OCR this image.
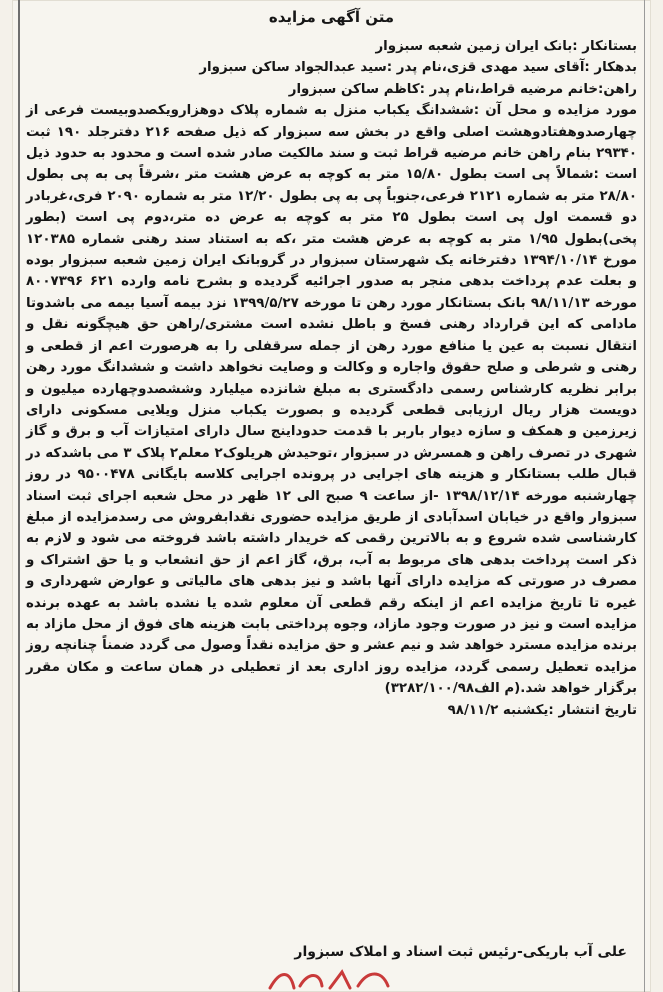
متن آگهی مزایده

بستانکار :بانک ایران زمین شعبه سبزوار

بدهکار :آقای سید مهدی قزی،نام پدر :سید عبدالجواد ساکن سبزوار

راهن:خانم مرضیه قراط،نام پدر :کاظم ساکن سبزوار

مورد مزایده و محل آن :ششدانگ یکباب منزل به شماره پلاک دوهزارویکصدوبیست فرعی از چهارصدوهفتادوهشت اصلی واقع در بخش سه سبزوار که ذیل صفحه ۲۱۶ دفترجلد ۱۹۰ ثبت ۲۹۳۴۰ بنام راهن خانم مرضیه قراط ثبت و سند مالکیت صادر شده است و محدود به حدود ذیل است :شمالاً پی است بطول ۱۵/۸۰ متر به کوچه به عرض هشت متر ،شرقاً پی به پی بطول ۲۸/۸۰ متر به شماره ۲۱۲۱ فرعی،جنوباً پی به پی بطول ۱۲/۲۰ متر به شماره ۲۰۹۰ فری،غربادر دو قسمت اول پی است بطول ۲۵ متر به کوچه به عرض ده متر،دوم پی است (بطور پخی)بطول ۱/۹۵ متر به کوچه به عرض هشت متر ،که به استناد سند رهنی شماره ۱۲۰۳۸۵ مورخ ۱۳۹۴/۱۰/۱۴ دفترخانه یک شهرستان سبزوار در گروبانک ایران زمین شعبه سبزوار بوده و بعلت عدم پرداخت بدهی منجر به صدور اجرائیه گردیده و بشرح نامه وارده ۶۲۱ ۸۰۰۷۳۹۶ مورخه ۹۸/۱۱/۱۳ بانک بستانکار مورد رهن تا مورخه ۱۳۹۹/۵/۲۷ نزد بیمه آسیا بیمه می باشدوتا مادامی که این قرارداد رهنی فسخ و باطل نشده است مشتری/راهن حق هیچگونه نقل و انتقال نسبت به عین یا منافع مورد رهن از جمله سرقفلی را به هرصورت اعم از قطعی و رهنی و شرطی و صلح حقوق واجاره و وکالت و وصایت نخواهد داشت و ششدانگ مورد رهن برابر نظریه کارشناس رسمی دادگستری به مبلغ شانزده میلیارد وششصدوچهارده میلیون و دویست هزار ریال ارزیابی قطعی گردیده و بصورت یکباب منزل ویلایی مسکونی دارای زیرزمین و همکف و سازه دیوار باربر با قدمت حدوداینج سال دارای امتیازات آب و برق و گاز شهری در تصرف راهن و همسرش در سبزوار ،توحیدش هریلوک۲ معلم۲ پلاک ۳ می باشدکه در قبال طلب بستانکار و هزینه های اجرایی در پرونده اجرایی کلاسه بایگانی ۹۵۰۰۴۷۸ در روز چهارشنبه مورخه ۱۳۹۸/۱۲/۱۴ -از ساعت ۹ صبح الی ۱۲ ظهر در محل شعبه اجرای ثبت اسناد سبزوار واقع در خیابان اسدآبادی از طریق مزایده حضوری نقدابفروش می رسدمزایده از مبلغ کارشناسی شده شروع و به بالاترین رقمی که خریدار داشته باشد فروخته می شود و لازم به ذکر است پرداخت بدهی های مربوط به آب، برق، گاز اعم از حق انشعاب و یا حق اشتراک و مصرف در صورتی که مزایده دارای آنها باشد و نیز بدهی های مالیاتی و عوارض شهرداری و غیره تا تاریخ مزایده اعم از اینکه رقم قطعی آن معلوم شده یا نشده باشد به عهده برنده مزایده است و نیز در صورت وجود مازاد، وجوه پرداختی بابت هزینه های فوق از محل مازاد به برنده مزایده مسترد خواهد شد و نیم عشر و حق مزایده نقداً وصول می گردد ضمناً چنانچه روز مزایده تعطیل رسمی گردد، مزایده روز اداری بعد از تعطیلی در همان ساعت و مکان مقرر برگزار خواهد شد.(م الف۳۲۸۲/۱۰۰/۹۸)

تاریخ انتشار :یکشنبه ۹۸/۱۱/۲

علی آب باریکی-رئیس ثبت اسناد و املاک سبزوار
